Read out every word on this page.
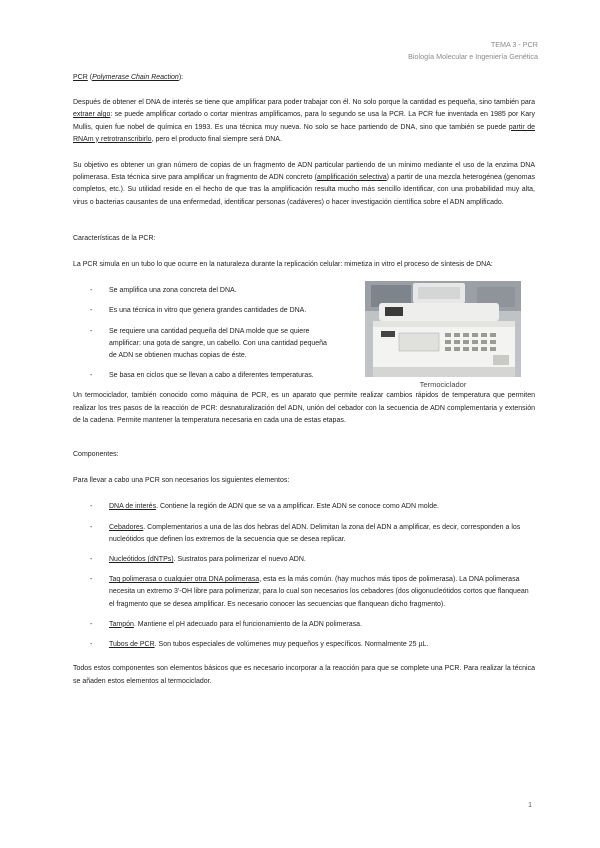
TEMA 3 - PCR
Biología Molecular e Ingeniería Genética

PCR (Polymerase Chain Reaction):

Después de obtener el DNA de interés se tiene que amplificar para poder trabajar con él. No solo porque la cantidad es pequeña, sino también para extraer algo: se puede amplificar cortado o cortar mientras amplificamos, para lo segundo se usa la PCR. La PCR fue inventada en 1985 por Kary Mullis, quien fue nobel de química en 1993. Es una técnica muy nueva. No solo se hace partiendo de DNA, sino que también se puede partir de RNAm y retrotranscribirlo, pero el producto final siempre será DNA.

Su objetivo es obtener un gran número de copias de un fragmento de ADN particular partiendo de un mínimo mediante el uso de la enzima DNA polimerasa. Esta técnica sirve para amplificar un fragmento de ADN concreto (amplificación selectiva) a partir de una mezcla heterogénea (genomas completos, etc.). Su utilidad reside en el hecho de que tras la amplificación resulta mucho más sencillo identificar, con una probabilidad muy alta, virus o bacterias causantes de una enfermedad, identificar personas (cadáveres) o hacer investigación científica sobre el ADN amplificado.

Características de la PCR:

La PCR simula en un tubo lo que ocurre en la naturaleza durante la replicación celular: mimetiza in vitro el proceso de síntesis de DNA:

- Se amplifica una zona concreta del DNA.
- Es una técnica in vitro que genera grandes cantidades de DNA.
- Se requiere una cantidad pequeña del DNA molde que se quiere amplificar: una gota de sangre, un cabello. Con una cantidad pequeña de ADN se obtienen muchas copias de éste.
- Se basa en ciclos que se llevan a cabo a diferentes temperaturas.
Termociclador

Un termociclador, también conocido como máquina de PCR, es un aparato que permite realizar cambios rápidos de temperatura que permiten realizar los tres pasos de la reacción de PCR: desnaturalización del ADN, unión del cebador con la secuencia de ADN complementaria y extensión de la cadena. Permite mantener la temperatura necesaria en cada una de estas etapas.

Componentes:

Para llevar a cabo una PCR son necesarios los siguientes elementos:

- DNA de interés. Contiene la región de ADN que se va a amplificar. Este ADN se conoce como ADN molde.
- Cebadores. Complementarios a una de las dos hebras del ADN. Delimitan la zona del ADN a amplificar, es decir, corresponden a los nucleótidos que definen los extremos de la secuencia que se desea replicar.
- Nucleótidos (dNTPs). Sustratos para polimerizar el nuevo ADN.
- Taq polimerasa o cualquier otra DNA polimerasa, esta es la más común. (hay muchos más tipos de polimerasa). La DNA polimerasa necesita un extremo 3'-OH libre para polimerizar, para lo cual son necesarios los cebadores (dos oligonucleótidos cortos que flanquean el fragmento que se desea amplificar. Es necesario conocer las secuencias que flanquean dicho fragmento).
- Tampón. Mantiene el pH adecuado para el funcionamiento de la ADN polimerasa.
- Tubos de PCR. Son tubos especiales de volúmenes muy pequeños y específicos. Normalmente 25 µL.

Todos estos componentes son elementos básicos que es necesario incorporar a la reacción para que se complete una PCR. Para realizar la técnica se añaden estos elementos al termociclador.

1
